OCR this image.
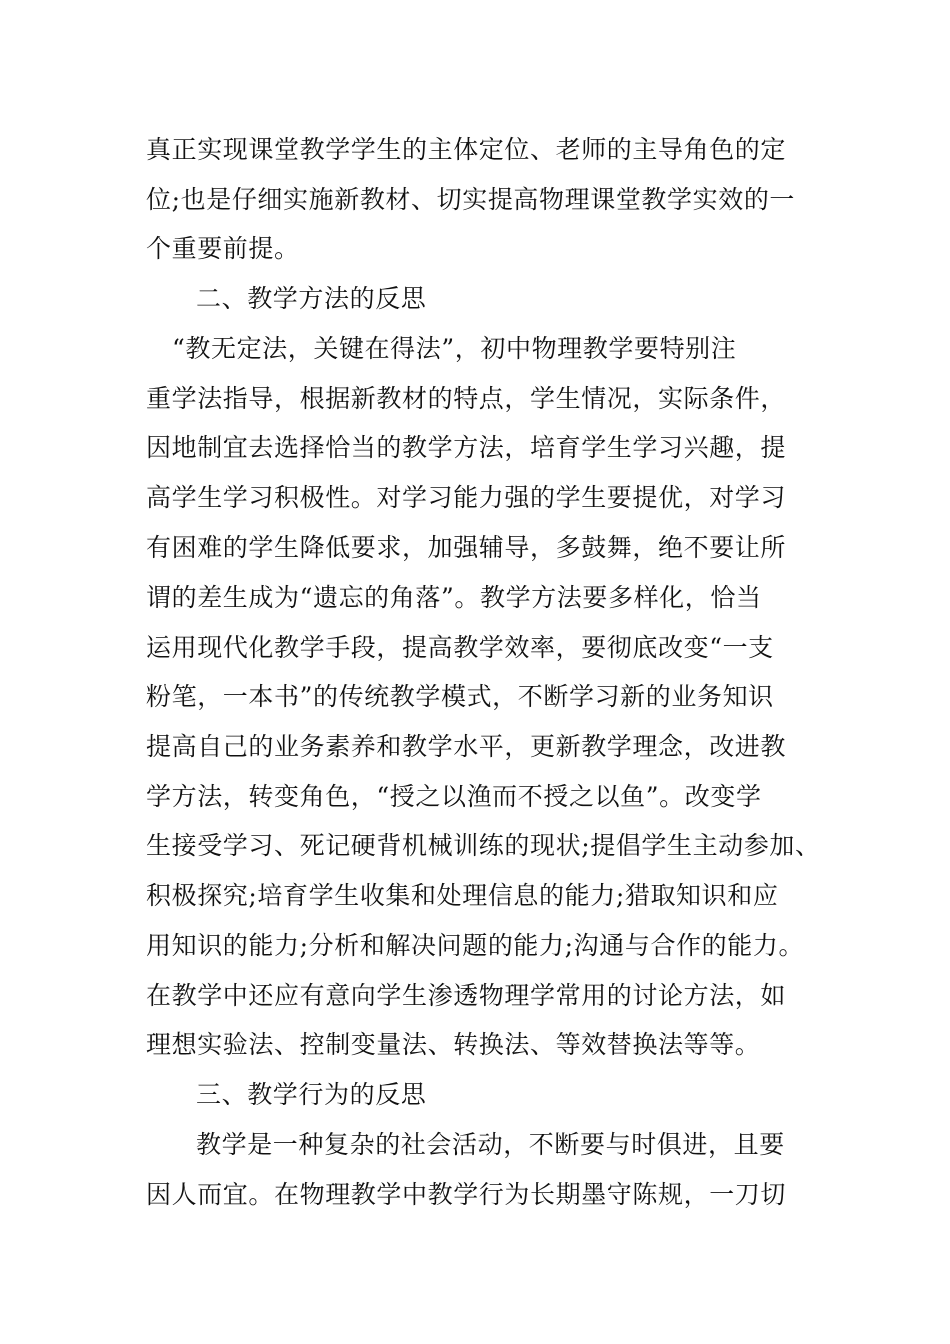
真正实现课堂教学学生的主体定位、老师的主导角色的定
位;也是仔细实施新教材、切实提高物理课堂教学实效的一
个重要前提。
二、教学方法的反思
“教无定法，关键在得法”，初中物理教学要特别注
重学法指导，根据新教材的特点，学生情况，实际条件，
因地制宜去选择恰当的教学方法，培育学生学习兴趣，提
高学生学习积极性。对学习能力强的学生要提优，对学习
有困难的学生降低要求，加强辅导，多鼓舞，绝不要让所
谓的差生成为“遗忘的角落”。教学方法要多样化，恰当
运用现代化教学手段，提高教学效率，要彻底改变“一支
粉笔，一本书”的传统教学模式，不断学习新的业务知识
提高自己的业务素养和教学水平，更新教学理念，改进教
学方法，转变角色，“授之以渔而不授之以鱼”。改变学
生接受学习、死记硬背机械训练的现状;提倡学生主动参加、
积极探究;培育学生收集和处理信息的能力;猎取知识和应
用知识的能力;分析和解决问题的能力;沟通与合作的能力。
在教学中还应有意向学生渗透物理学常用的讨论方法，如
理想实验法、控制变量法、转换法、等效替换法等等。
三、教学行为的反思
教学是一种复杂的社会活动，不断要与时俱进，且要
因人而宜。在物理教学中教学行为长期墨守陈规，一刀切
